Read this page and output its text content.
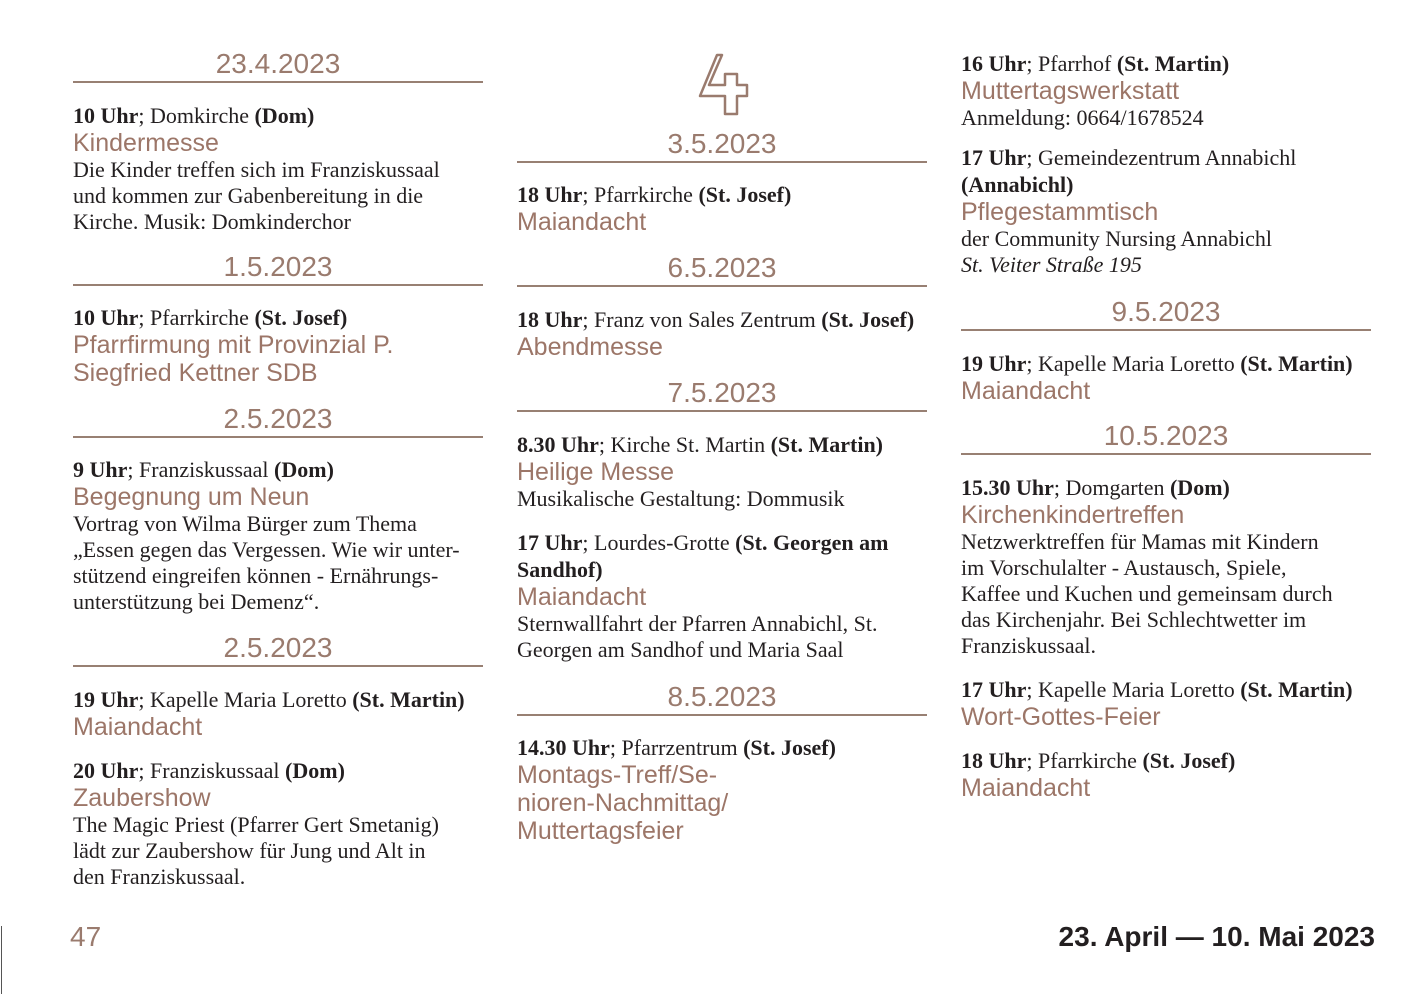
23.4.2023
10 Uhr; Domkirche (Dom)
Kindermesse
Die Kinder treffen sich im Franziskussaal
und kommen zur Gabenbereitung in die
Kirche. Musik: Domkinderchor
1.5.2023
10 Uhr; Pfarrkirche (St. Josef)
Pfarrfirmung mit Provinzial P.
Siegfried Kettner SDB
2.5.2023
9 Uhr; Franziskussaal (Dom)
Begegnung um Neun
Vortrag von Wilma Bürger zum Thema
„Essen gegen das Vergessen. Wie wir unter-
stützend eingreifen können - Ernährungs-
unterstützung bei Demenz“.
2.5.2023
19 Uhr; Kapelle Maria Loretto (St. Martin)
Maiandacht
20 Uhr; Franziskussaal (Dom)
Zaubershow
The Magic Priest (Pfarrer Gert Smetanig)
lädt zur Zaubershow für Jung und Alt in
den Franziskussaal.
3.5.2023
18 Uhr; Pfarrkirche (St. Josef)
Maiandacht
6.5.2023
18 Uhr; Franz von Sales Zentrum (St. Josef)
Abendmesse
7.5.2023
8.30 Uhr; Kirche St. Martin (St. Martin)
Heilige Messe
Musikalische Gestaltung: Dommusik
17 Uhr; Lourdes-Grotte (St. Georgen am
Sandhof)
Maiandacht
Sternwallfahrt der Pfarren Annabichl, St.
Georgen am Sandhof und Maria Saal
8.5.2023
14.30 Uhr; Pfarrzentrum (St. Josef)
Montags-Treff/Se-
nioren-Nachmittag/
Muttertagsfeier
16 Uhr; Pfarrhof (St. Martin)
Muttertagswerkstatt
Anmeldung: 0664/1678524
17 Uhr; Gemeindezentrum Annabichl
(Annabichl)
Pflegestammtisch
der Community Nursing Annabichl
St. Veiter Straße 195
9.5.2023
19 Uhr; Kapelle Maria Loretto (St. Martin)
Maiandacht
10.5.2023
15.30 Uhr; Domgarten (Dom)
Kirchenkindertreffen
Netzwerktreffen für Mamas mit Kindern
im Vorschulalter - Austausch, Spiele,
Kaffee und Kuchen und gemeinsam durch
das Kirchenjahr. Bei Schlechtwetter im
Franziskussaal.
17 Uhr; Kapelle Maria Loretto (St. Martin)
Wort-Gottes-Feier
18 Uhr; Pfarrkirche (St. Josef)
Maiandacht
47	23. April — 10. Mai 2023
